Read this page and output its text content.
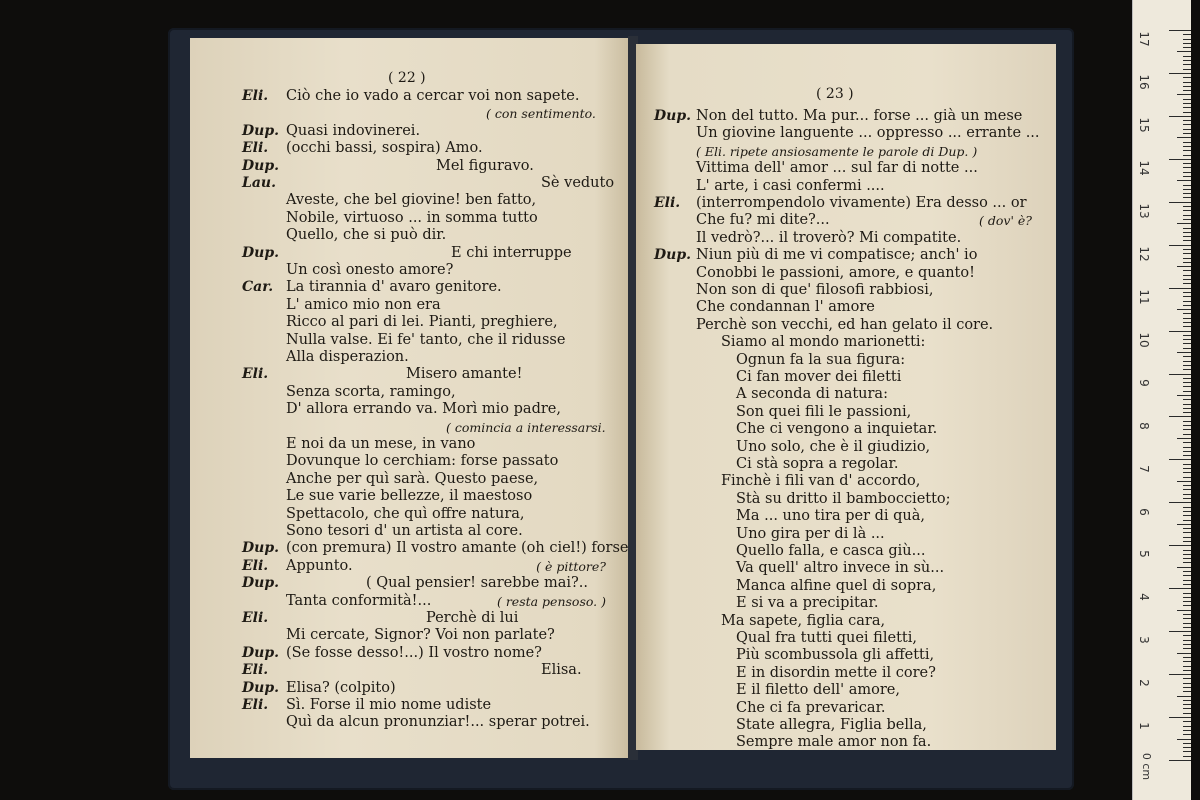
( 22 )
Eli. Ciò che io vado a cercar voi non sapete.
( con sentimento.
Dup. Quasi indovinerei.
Eli. (occhi bassi, sospira) Amo.
Dup.	Mel figuravo.
Lau.	Sè veduto
Aveste, che bel giovine! ben fatto,
Nobile, virtuoso ... in somma tutto
Quello, che si può dir.
Dup.	E chi interruppe
Un così onesto amore?
Car. La tirannia d' avaro genitore.
L' amico mio non era
Ricco al pari di lei. Pianti, preghiere,
Nulla valse. Ei fe' tanto, che il ridusse
Alla disperazion.
Eli.	Misero amante!
Senza scorta, ramingo,
D' allora errando va. Morì mio padre,
( comincia a interessarsi.
E noi da un mese, in vano
Dovunque lo cerchiam: forse passato
Anche per quì sarà. Questo paese,
Le sue varie bellezze, il maestoso
Spettacolo, che quì offre natura,
Sono tesori d' un artista al core.
Dup. (con premura) Il vostro amante (oh ciel!) forse
Eli. Appunto.	( è pittore?
Dup.	( Qual pensier! sarebbe mai?..
Tanta conformità!...	( resta pensoso. )
Eli.	Perchè di lui
Mi cercate, Signor? Voi non parlate?
Dup. (Se fosse desso!...) Il vostro nome?
Eli.	Elisa.
Dup. Elisa? (colpito)
Eli. Sì. Forse il mio nome udiste
Quì da alcun pronunziar!... sperar potrei.
( 23 )
Dup. Non del tutto. Ma pur... forse ... già un mese
Un giovine languente ... oppresso ... errante ...
( Eli. ripete ansiosamente le parole di Dup. )
Vittima dell' amor ... sul far di notte ...
L' arte, i casi confermi ....
Eli. (interrompendolo vivamente) Era desso ... or
Che fu? mi dite?...	( dov' è?
Il vedrò?... il troverò? Mi compatite.
Dup. Niun più di me vi compatisce; anch' io
Conobbi le passioni, amore, e quanto!
Non son di que' filosofi rabbiosi,
Che condannan l' amore
Perchè son vecchi, ed han gelato il core.
Siamo al mondo marionetti:
Ognun fa la sua figura:
Ci fan mover dei filetti
A seconda di natura:
Son quei fili le passioni,
Che ci vengono a inquietar.
Uno solo, che è il giudizio,
Ci stà sopra a regolar.
Finchè i fili van d' accordo,
Stà su dritto il bamboccietto;
Ma ... uno tira per di quà,
Uno gira per di là ...
Quello falla, e casca giù...
Va quell' altro invece in sù...
Manca alfine quel di sopra,
E si va a precipitar.
Ma sapete, figlia cara,
Qual fra tutti quei filetti,
Più scombussola gli affetti,
E in disordin mette il core?
E il filetto dell' amore,
Che ci fa prevaricar.
State allegra, Figlia bella,
Sempre male amor non fa.
17
16
15
14
13
12
11
10
9
8
7
6
5
4
3
2
1
0 cm
